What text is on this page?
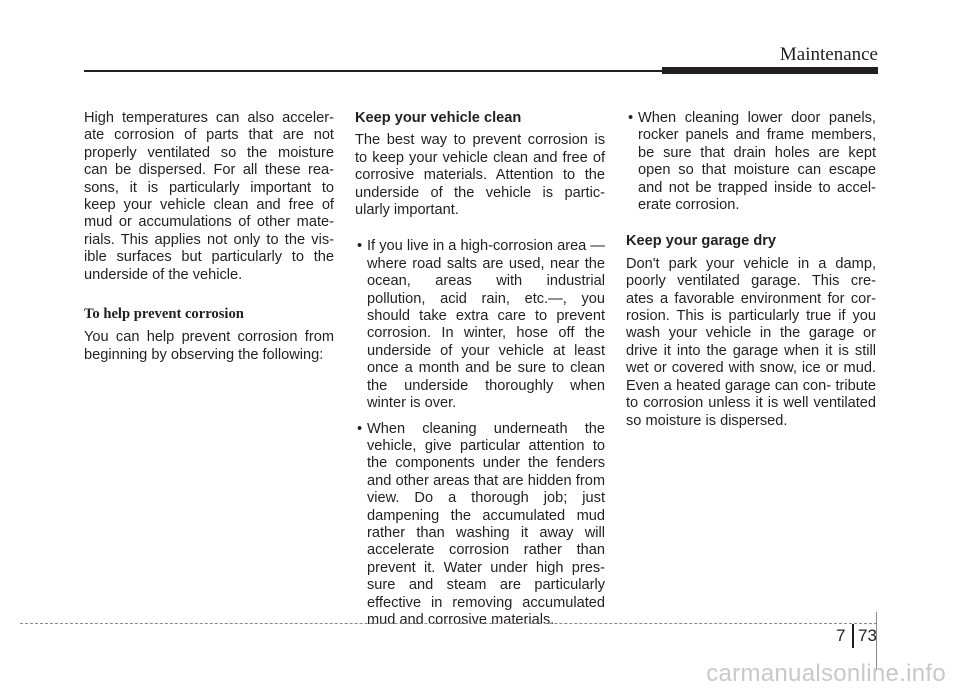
Maintenance

High temperatures can also acceler- ate corrosion of parts that are not properly ventilated so the moisture can be dispersed. For all these rea- sons, it is particularly important to keep your vehicle clean and free of mud or accumulations of other mate- rials. This applies not only to the vis- ible surfaces but particularly to the underside of the vehicle.

To help prevent corrosion

You can help prevent corrosion from beginning by observing the following:

Keep your vehicle clean

The best way to prevent corrosion is to keep your vehicle clean and free of corrosive materials. Attention to the underside of the vehicle is partic- ularly important.

• If you live in a high-corrosion area — where road salts are used, near the ocean, areas with industrial pollution, acid rain, etc.—, you should take extra care to prevent corrosion. In winter, hose off the underside of your vehicle at least once a month and be sure to clean the underside thoroughly when winter is over.

• When cleaning underneath the vehicle, give particular attention to the components under the fenders and other areas that are hidden from view. Do a thorough job; just dampening the accumulated mud rather than washing it away will accelerate corrosion rather than prevent it. Water under high pres- sure and steam are particularly effective in removing accumulated mud and corrosive materials.

• When cleaning lower door panels, rocker panels and frame members, be sure that drain holes are kept open so that moisture can escape and not be trapped inside to accel- erate corrosion.

Keep your garage dry

Don't park your vehicle in a damp, poorly ventilated garage. This cre- ates a favorable environment for cor- rosion. This is particularly true if you wash your vehicle in the garage or drive it into the garage when it is still wet or covered with snow, ice or mud. Even a heated garage can con- tribute to corrosion unless it is well ventilated so moisture is dispersed.

7 73
carmanualsonline.info
